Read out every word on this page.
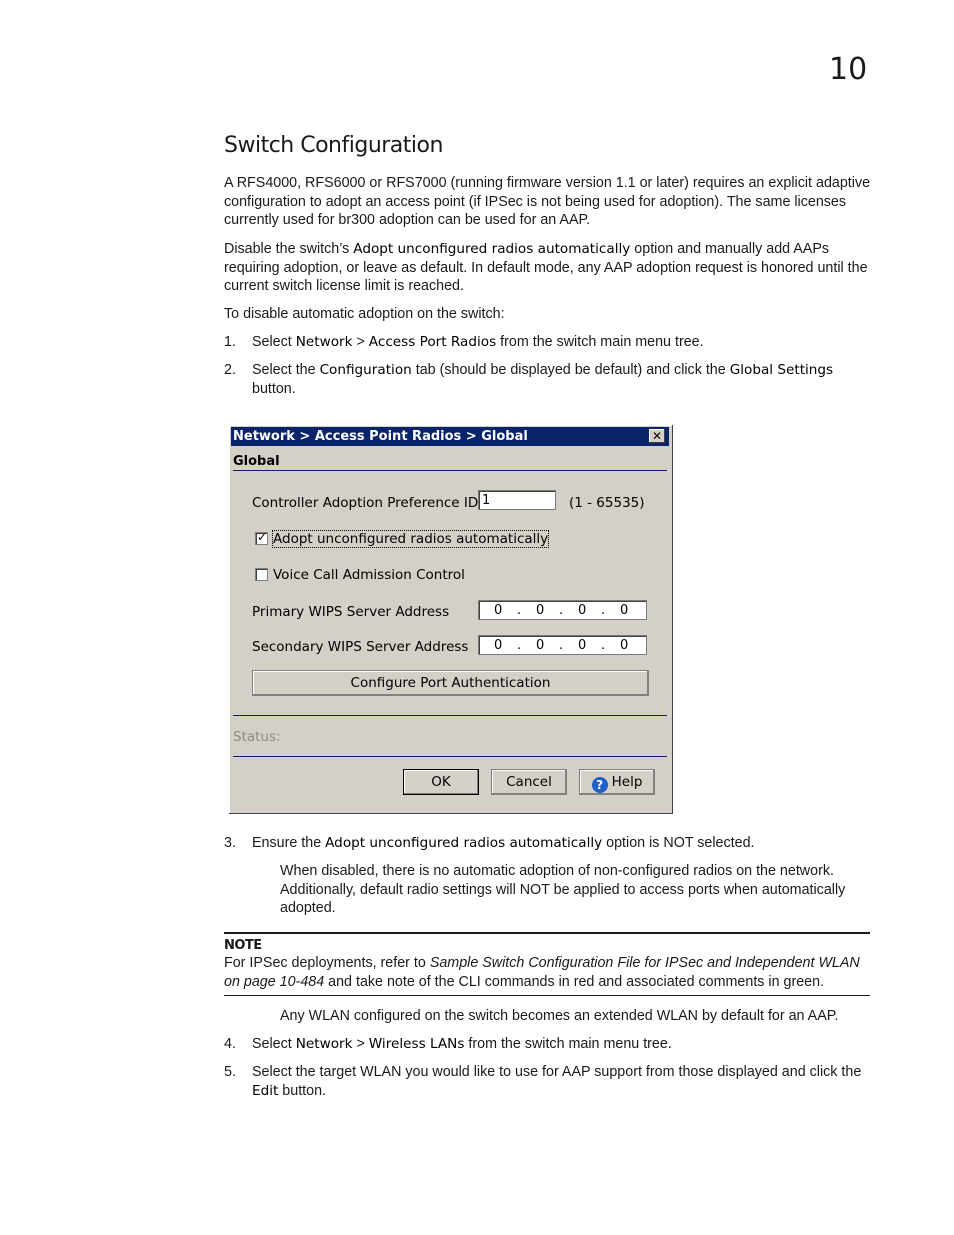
10
Switch Configuration
A RFS4000, RFS6000 or RFS7000 (running firmware version 1.1 or later) requires an explicit adaptive configuration to adopt an access point (if IPSec is not being used for adoption). The same licenses currently used for br300 adoption can be used for an AAP.
Disable the switch’s Adopt unconfigured radios automatically option and manually add AAPs requiring adoption, or leave as default. In default mode, any AAP adoption request is honored until the current switch license limit is reached.
To disable automatic adoption on the switch:
1. Select Network > Access Port Radios from the switch main menu tree.
2. Select the Configuration tab (should be displayed be default) and click the Global Settings button.
Network > Access Point Radios > Global	✕
Global
Controller Adoption Preference ID 1	(1 - 65535)
✓ Adopt unconfigured radios automatically
Voice Call Admission Control
Primary WIPS Server Address	0 . 0 . 0 . 0
Secondary WIPS Server Address 0 . 0 . 0 . 0
Configure Port Authentication
Status:
OK	Cancel	? Help
3. Ensure the Adopt unconfigured radios automatically option is NOT selected.
When disabled, there is no automatic adoption of non-configured radios on the network. Additionally, default radio settings will NOT be applied to access ports when automatically adopted.
NOTE
For IPSec deployments, refer to Sample Switch Configuration File for IPSec and Independent WLAN on page 10-484 and take note of the CLI commands in red and associated comments in green.
Any WLAN configured on the switch becomes an extended WLAN by default for an AAP.
4. Select Network > Wireless LANs from the switch main menu tree.
5. Select the target WLAN you would like to use for AAP support from those displayed and click the Edit button.
